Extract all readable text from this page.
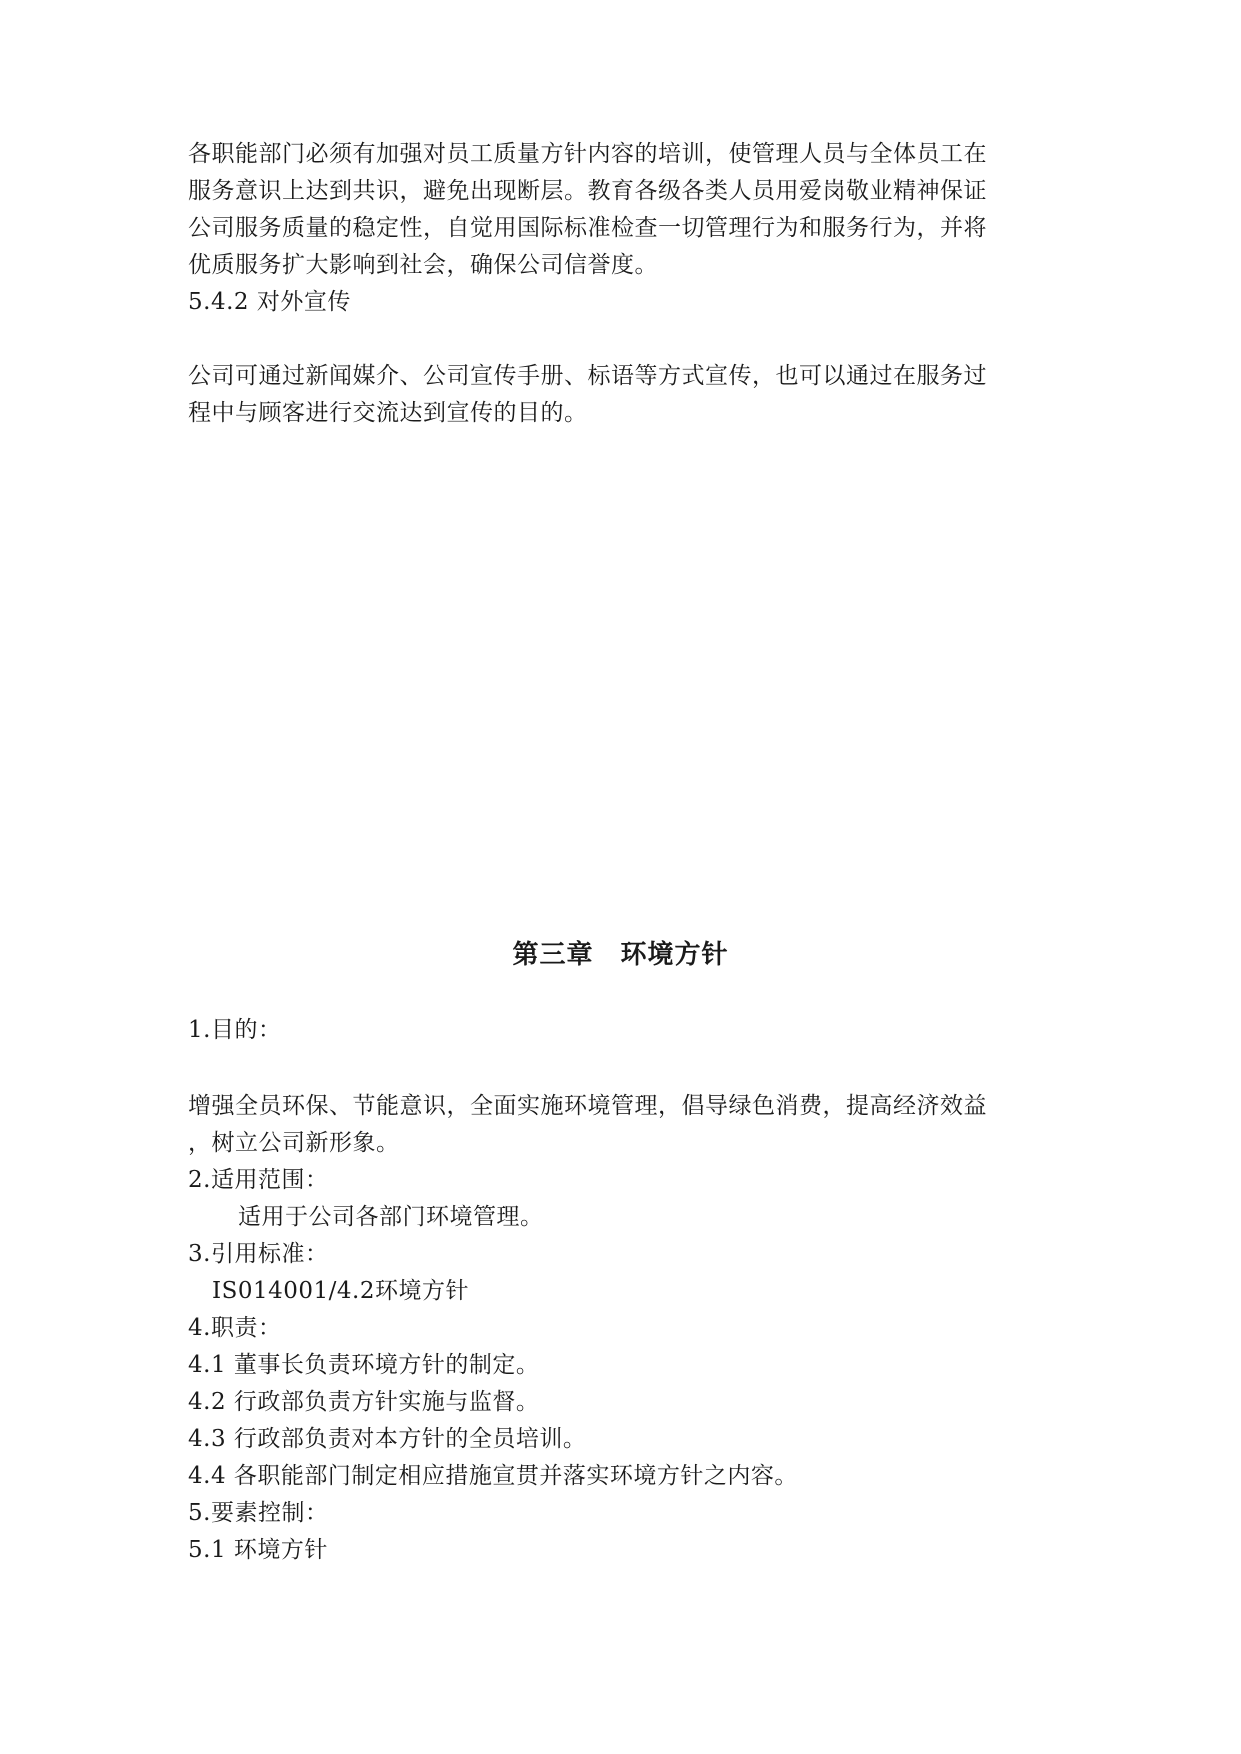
各职能部门必须有加强对员工质量方针内容的培训，使管理人员与全体员工在
服务意识上达到共识，避免出现断层。教育各级各类人员用爱岗敬业精神保证
公司服务质量的稳定性，自觉用国际标准检查一切管理行为和服务行为，并将
优质服务扩大影响到社会，确保公司信誉度。
5.4.2 对外宣传
公司可通过新闻媒介、公司宣传手册、标语等方式宣传，也可以通过在服务过
程中与顾客进行交流达到宣传的目的。
第三章　环境方针
1.目的：
增强全员环保、节能意识，全面实施环境管理，倡导绿色消费，提高经济效益
，树立公司新形象。
2.适用范围：
适用于公司各部门环境管理。
3.引用标准：
IS014001/4.2环境方针
4.职责：
4.1 董事长负责环境方针的制定。
4.2 行政部负责方针实施与监督。
4.3 行政部负责对本方针的全员培训。
4.4 各职能部门制定相应措施宣贯并落实环境方针之内容。
5.要素控制：
5.1 环境方针
